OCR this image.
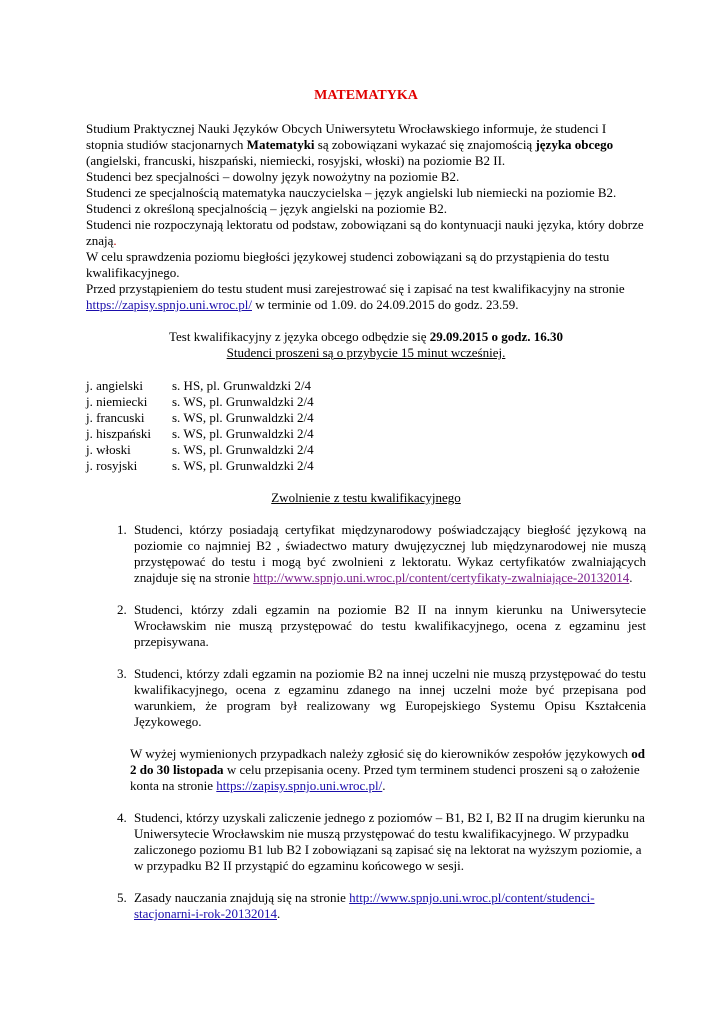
MATEMATYKA

Studium Praktycznej Nauki Języków Obcych Uniwersytetu Wrocławskiego informuje, że studenci I stopnia studiów stacjonarnych Matematyki są zobowiązani wykazać się znajomością języka obcego (angielski, francuski, hiszpański, niemiecki, rosyjski, włoski) na poziomie B2 II.

Studenci bez specjalności – dowolny język nowożytny na poziomie B2.

Studenci ze specjalnością matematyka nauczycielska – język angielski lub niemiecki na poziomie B2.

Studenci z określoną specjalnością – język angielski na poziomie B2.

Studenci nie rozpoczynają lektoratu od podstaw, zobowiązani są do kontynuacji nauki języka, który dobrze znają.

W celu sprawdzenia poziomu biegłości językowej studenci zobowiązani są do przystąpienia do testu kwalifikacyjnego.

Przed przystąpieniem do testu student musi zarejestrować się i zapisać na test kwalifikacyjny na stronie https://zapisy.spnjo.uni.wroc.pl/ w terminie od 1.09. do 24.09.2015 do godz. 23.59.

Test kwalifikacyjny z języka obcego odbędzie się 29.09.2015 o godz. 16.30

Studenci proszeni są o przybycie 15 minut wcześniej.

j. angielski	s. HS, pl. Grunwaldzki 2/4
j. niemiecki	s. WS, pl. Grunwaldzki 2/4
j. francuski	s. WS, pl. Grunwaldzki 2/4
j. hiszpański	s. WS, pl. Grunwaldzki 2/4
j. włoski	s. WS, pl. Grunwaldzki 2/4
j. rosyjski	s. WS, pl. Grunwaldzki 2/4
Zwolnienie z testu kwalifikacyjnego
1. Studenci, którzy posiadają certyfikat międzynarodowy poświadczający biegłość językową na poziomie co najmniej B2 , świadectwo matury dwujęzycznej lub międzynarodowej nie muszą przystępować do testu i mogą być zwolnieni z lektoratu. Wykaz certyfikatów zwalniających znajduje się na stronie http://www.spnjo.uni.wroc.pl/content/certyfikaty-zwalniające-20132014.
2. Studenci, którzy zdali egzamin na poziomie B2 II na innym kierunku na Uniwersytecie Wrocławskim nie muszą przystępować do testu kwalifikacyjnego, ocena z egzaminu jest przepisywana.
3. Studenci, którzy zdali egzamin na poziomie B2 na innej uczelni nie muszą przystępować do testu kwalifikacyjnego, ocena z egzaminu zdanego na innej uczelni może być przepisana pod warunkiem, że program był realizowany wg Europejskiego Systemu Opisu Kształcenia Językowego.

W wyżej wymienionych przypadkach należy zgłosić się do kierowników zespołów językowych od 2 do 30 listopada w celu przepisania oceny. Przed tym terminem studenci proszeni są o założenie konta na stronie https://zapisy.spnjo.uni.wroc.pl/.

4. Studenci, którzy uzyskali zaliczenie jednego z poziomów – B1, B2 I, B2 II na drugim kierunku na Uniwersytecie Wrocławskim nie muszą przystępować do testu kwalifikacyjnego. W przypadku zaliczonego poziomu B1 lub B2 I zobowiązani są zapisać się na lektorat na wyższym poziomie, a w przypadku B2 II przystąpić do egzaminu końcowego w sesji.
5. Zasady nauczania znajdują się na stronie http://www.spnjo.uni.wroc.pl/content/studenci-stacjonarni-i-rok-20132014.
